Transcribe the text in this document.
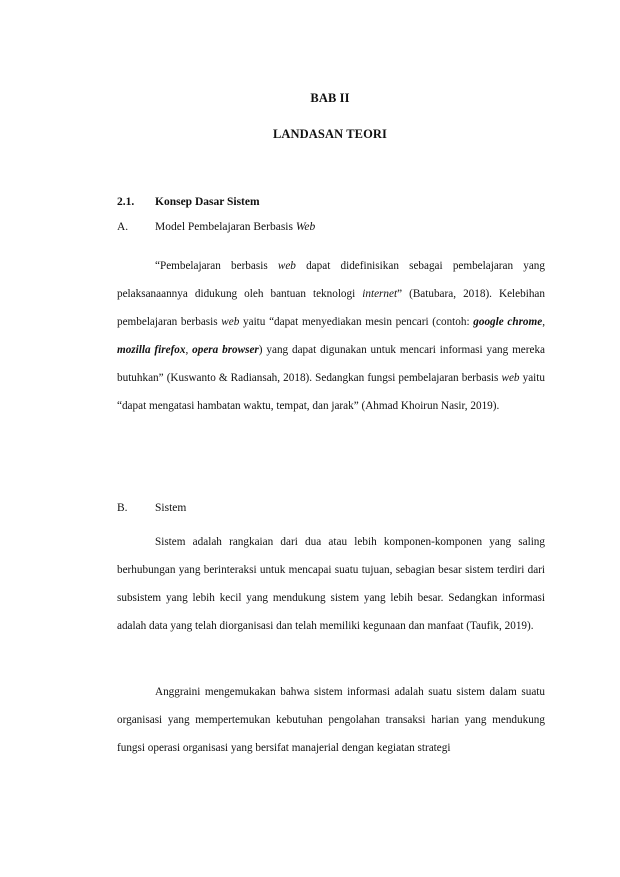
BAB II
LANDASAN TEORI
2.1. Konsep Dasar Sistem
A. Model Pembelajaran Berbasis Web
“Pembelajaran berbasis web dapat didefinisikan sebagai pembelajaran yang pelaksanaannya didukung oleh bantuan teknologi internet” (Batubara, 2018). Kelebihan pembelajaran berbasis web yaitu “dapat menyediakan mesin pencari (contoh: google chrome, mozilla firefox, opera browser) yang dapat digunakan untuk mencari informasi yang mereka butuhkan” (Kuswanto & Radiansah, 2018). Sedangkan fungsi pembelajaran berbasis web yaitu “dapat mengatasi hambatan waktu, tempat, dan jarak” (Ahmad Khoirun Nasir, 2019).
B. Sistem
Sistem adalah rangkaian dari dua atau lebih komponen-komponen yang saling berhubungan yang berinteraksi untuk mencapai suatu tujuan, sebagian besar sistem terdiri dari subsistem yang lebih kecil yang mendukung sistem yang lebih besar. Sedangkan informasi adalah data yang telah diorganisasi dan telah memiliki kegunaan dan manfaat (Taufik, 2019).
Anggraini mengemukakan bahwa sistem informasi adalah suatu sistem dalam suatu organisasi yang mempertemukan kebutuhan pengolahan transaksi harian yang mendukung fungsi operasi organisasi yang bersifat manajerial dengan kegiatan strategi
